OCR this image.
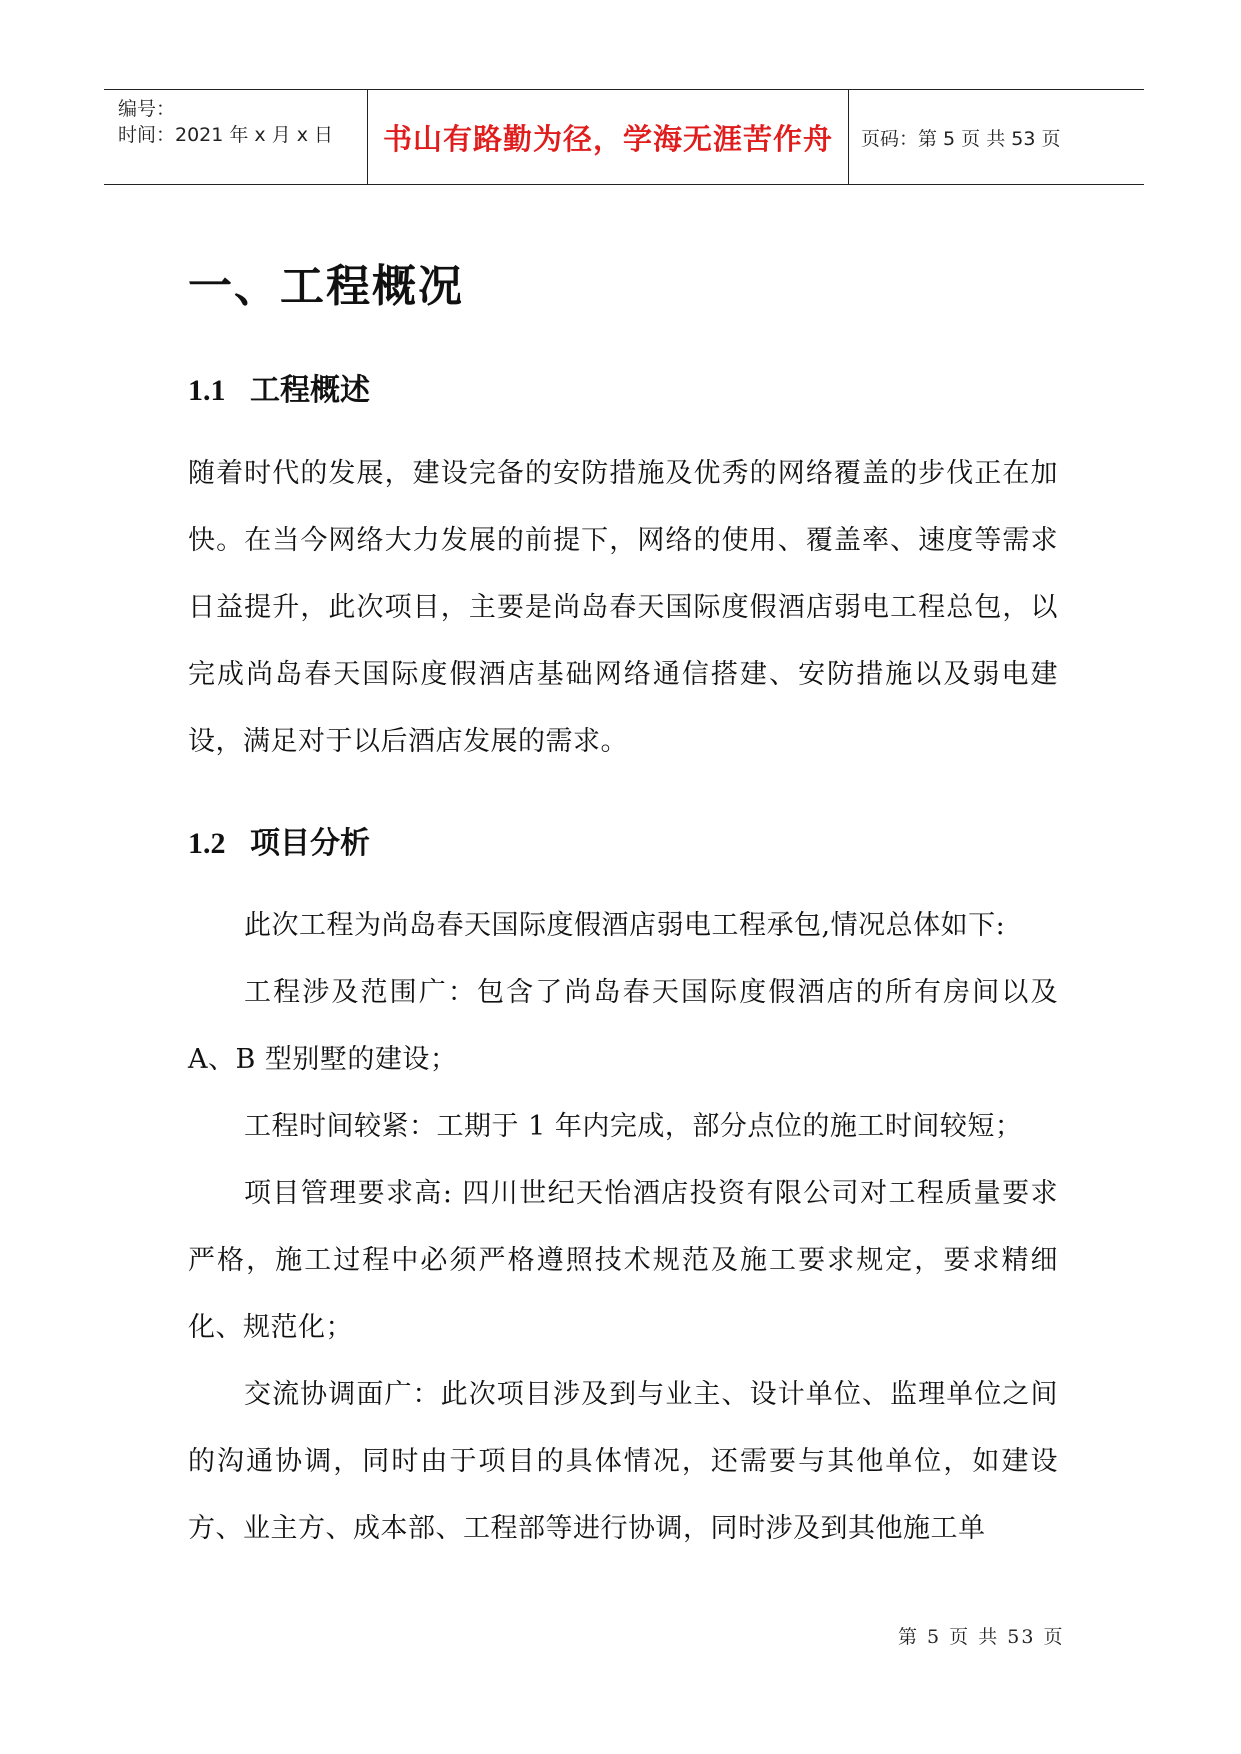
编号：
时间：2021 年 x 月 x 日 书山有路勤为径，学海无涯苦作舟 页码：第 5 页 共 53 页
一、工程概况
1.1 工程概述
随着时代的发展，建设完备的安防措施及优秀的网络覆盖的步伐正在加快。在当今网络大力发展的前提下，网络的使用、覆盖率、速度等需求日益提升，此次项目，主要是尚岛春天国际度假酒店弱电工程总包，以完成尚岛春天国际度假酒店基础网络通信搭建、安防措施以及弱电建设，满足对于以后酒店发展的需求。
1.2 项目分析
此次工程为尚岛春天国际度假酒店弱电工程承包,情况总体如下:
工程涉及范围广：包含了尚岛春天国际度假酒店的所有房间以及A、B 型别墅的建设；
工程时间较紧：工期于 1 年内完成，部分点位的施工时间较短；
项目管理要求高: 四川世纪天怡酒店投资有限公司对工程质量要求严格，施工过程中必须严格遵照技术规范及施工要求规定，要求精细化、规范化；
交流协调面广：此次项目涉及到与业主、设计单位、监理单位之间的沟通协调，同时由于项目的具体情况，还需要与其他单位，如建设方、业主方、成本部、工程部等进行协调，同时涉及到其他施工单
第 5 页 共 53 页
